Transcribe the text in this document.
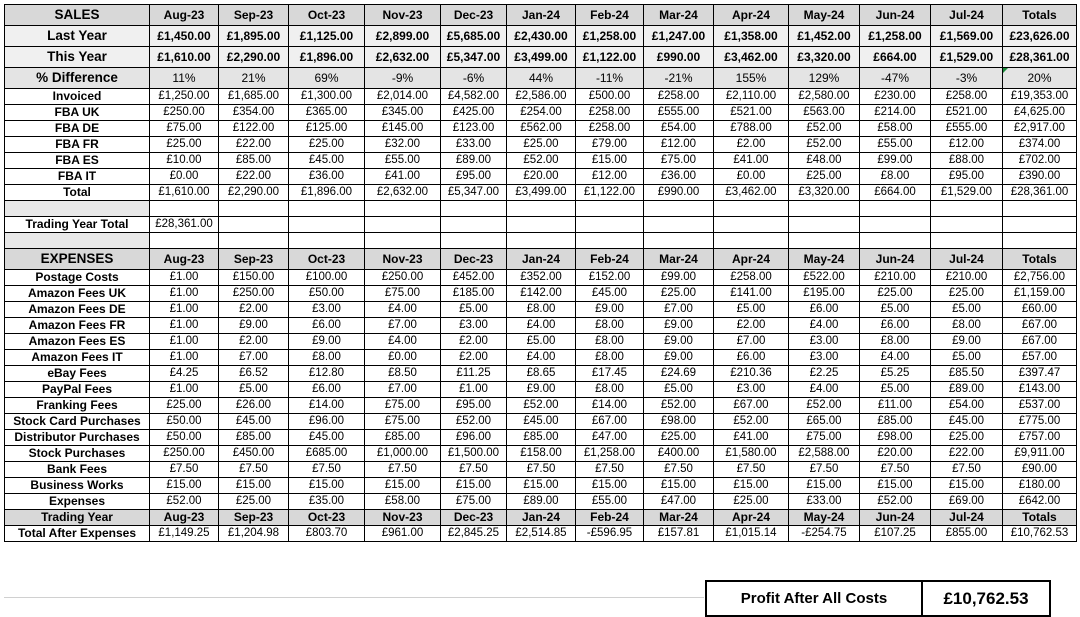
SALES	Aug-23	Sep-23	Oct-23	Nov-23	Dec-23	Jan-24	Feb-24	Mar-24	Apr-24	May-24	Jun-24	Jul-24	Totals
Last Year	£1,450.00	£1,895.00	£1,125.00	£2,899.00	£5,685.00	£2,430.00	£1,258.00	£1,247.00	£1,358.00	£1,452.00	£1,258.00	£1,569.00	£23,626.00
This Year	£1,610.00	£2,290.00	£1,896.00	£2,632.00	£5,347.00	£3,499.00	£1,122.00	£990.00	£3,462.00	£3,320.00	£664.00	£1,529.00	£28,361.00
% Difference	11%	21%	69%	-9%	-6%	44%	-11%	-21%	155%	129%	-47%	-3%	20%
Invoiced	£1,250.00	£1,685.00	£1,300.00	£2,014.00	£4,582.00	£2,586.00	£500.00	£258.00	£2,110.00	£2,580.00	£230.00	£258.00	£19,353.00
FBA UK	£250.00	£354.00	£365.00	£345.00	£425.00	£254.00	£258.00	£555.00	£521.00	£563.00	£214.00	£521.00	£4,625.00
FBA DE	£75.00	£122.00	£125.00	£145.00	£123.00	£562.00	£258.00	£54.00	£788.00	£52.00	£58.00	£555.00	£2,917.00
FBA FR	£25.00	£22.00	£25.00	£32.00	£33.00	£25.00	£79.00	£12.00	£2.00	£52.00	£55.00	£12.00	£374.00
FBA ES	£10.00	£85.00	£45.00	£55.00	£89.00	£52.00	£15.00	£75.00	£41.00	£48.00	£99.00	£88.00	£702.00
FBA IT	£0.00	£22.00	£36.00	£41.00	£95.00	£20.00	£12.00	£36.00	£0.00	£25.00	£8.00	£95.00	£390.00
Total	£1,610.00	£2,290.00	£1,896.00	£2,632.00	£5,347.00	£3,499.00	£1,122.00	£990.00	£3,462.00	£3,320.00	£664.00	£1,529.00	£28,361.00

Trading Year Total	£28,361.00												

EXPENSES	Aug-23	Sep-23	Oct-23	Nov-23	Dec-23	Jan-24	Feb-24	Mar-24	Apr-24	May-24	Jun-24	Jul-24	Totals
Postage Costs	£1.00	£150.00	£100.00	£250.00	£452.00	£352.00	£152.00	£99.00	£258.00	£522.00	£210.00	£210.00	£2,756.00
Amazon Fees UK	£1.00	£250.00	£50.00	£75.00	£185.00	£142.00	£45.00	£25.00	£141.00	£195.00	£25.00	£25.00	£1,159.00
Amazon Fees DE	£1.00	£2.00	£3.00	£4.00	£5.00	£8.00	£9.00	£7.00	£5.00	£6.00	£5.00	£5.00	£60.00
Amazon Fees FR	£1.00	£9.00	£6.00	£7.00	£3.00	£4.00	£8.00	£9.00	£2.00	£4.00	£6.00	£8.00	£67.00
Amazon Fees ES	£1.00	£2.00	£9.00	£4.00	£2.00	£5.00	£8.00	£9.00	£7.00	£3.00	£8.00	£9.00	£67.00
Amazon Fees IT	£1.00	£7.00	£8.00	£0.00	£2.00	£4.00	£8.00	£9.00	£6.00	£3.00	£4.00	£5.00	£57.00
eBay Fees	£4.25	£6.52	£12.80	£8.50	£11.25	£8.65	£17.45	£24.69	£210.36	£2.25	£5.25	£85.50	£397.47
PayPal Fees	£1.00	£5.00	£6.00	£7.00	£1.00	£9.00	£8.00	£5.00	£3.00	£4.00	£5.00	£89.00	£143.00
Franking Fees	£25.00	£26.00	£14.00	£75.00	£95.00	£52.00	£14.00	£52.00	£67.00	£52.00	£11.00	£54.00	£537.00
Stock Card Purchases	£50.00	£45.00	£96.00	£75.00	£52.00	£45.00	£67.00	£98.00	£52.00	£65.00	£85.00	£45.00	£775.00
Distributor Purchases	£50.00	£85.00	£45.00	£85.00	£96.00	£85.00	£47.00	£25.00	£41.00	£75.00	£98.00	£25.00	£757.00
Stock Purchases	£250.00	£450.00	£685.00	£1,000.00	£1,500.00	£158.00	£1,258.00	£400.00	£1,580.00	£2,588.00	£20.00	£22.00	£9,911.00
Bank Fees	£7.50	£7.50	£7.50	£7.50	£7.50	£7.50	£7.50	£7.50	£7.50	£7.50	£7.50	£7.50	£90.00
Business Works	£15.00	£15.00	£15.00	£15.00	£15.00	£15.00	£15.00	£15.00	£15.00	£15.00	£15.00	£15.00	£180.00
Expenses	£52.00	£25.00	£35.00	£58.00	£75.00	£89.00	£55.00	£47.00	£25.00	£33.00	£52.00	£69.00	£642.00
Trading Year	Aug-23	Sep-23	Oct-23	Nov-23	Dec-23	Jan-24	Feb-24	Mar-24	Apr-24	May-24	Jun-24	Jul-24	Totals
Total After Expenses	£1,149.25	£1,204.98	£803.70	£961.00	£2,845.25	£2,514.85	-£596.95	£157.81	£1,015.14	-£254.75	£107.25	£855.00	£10,762.53
Profit After All Costs	£10,762.53
